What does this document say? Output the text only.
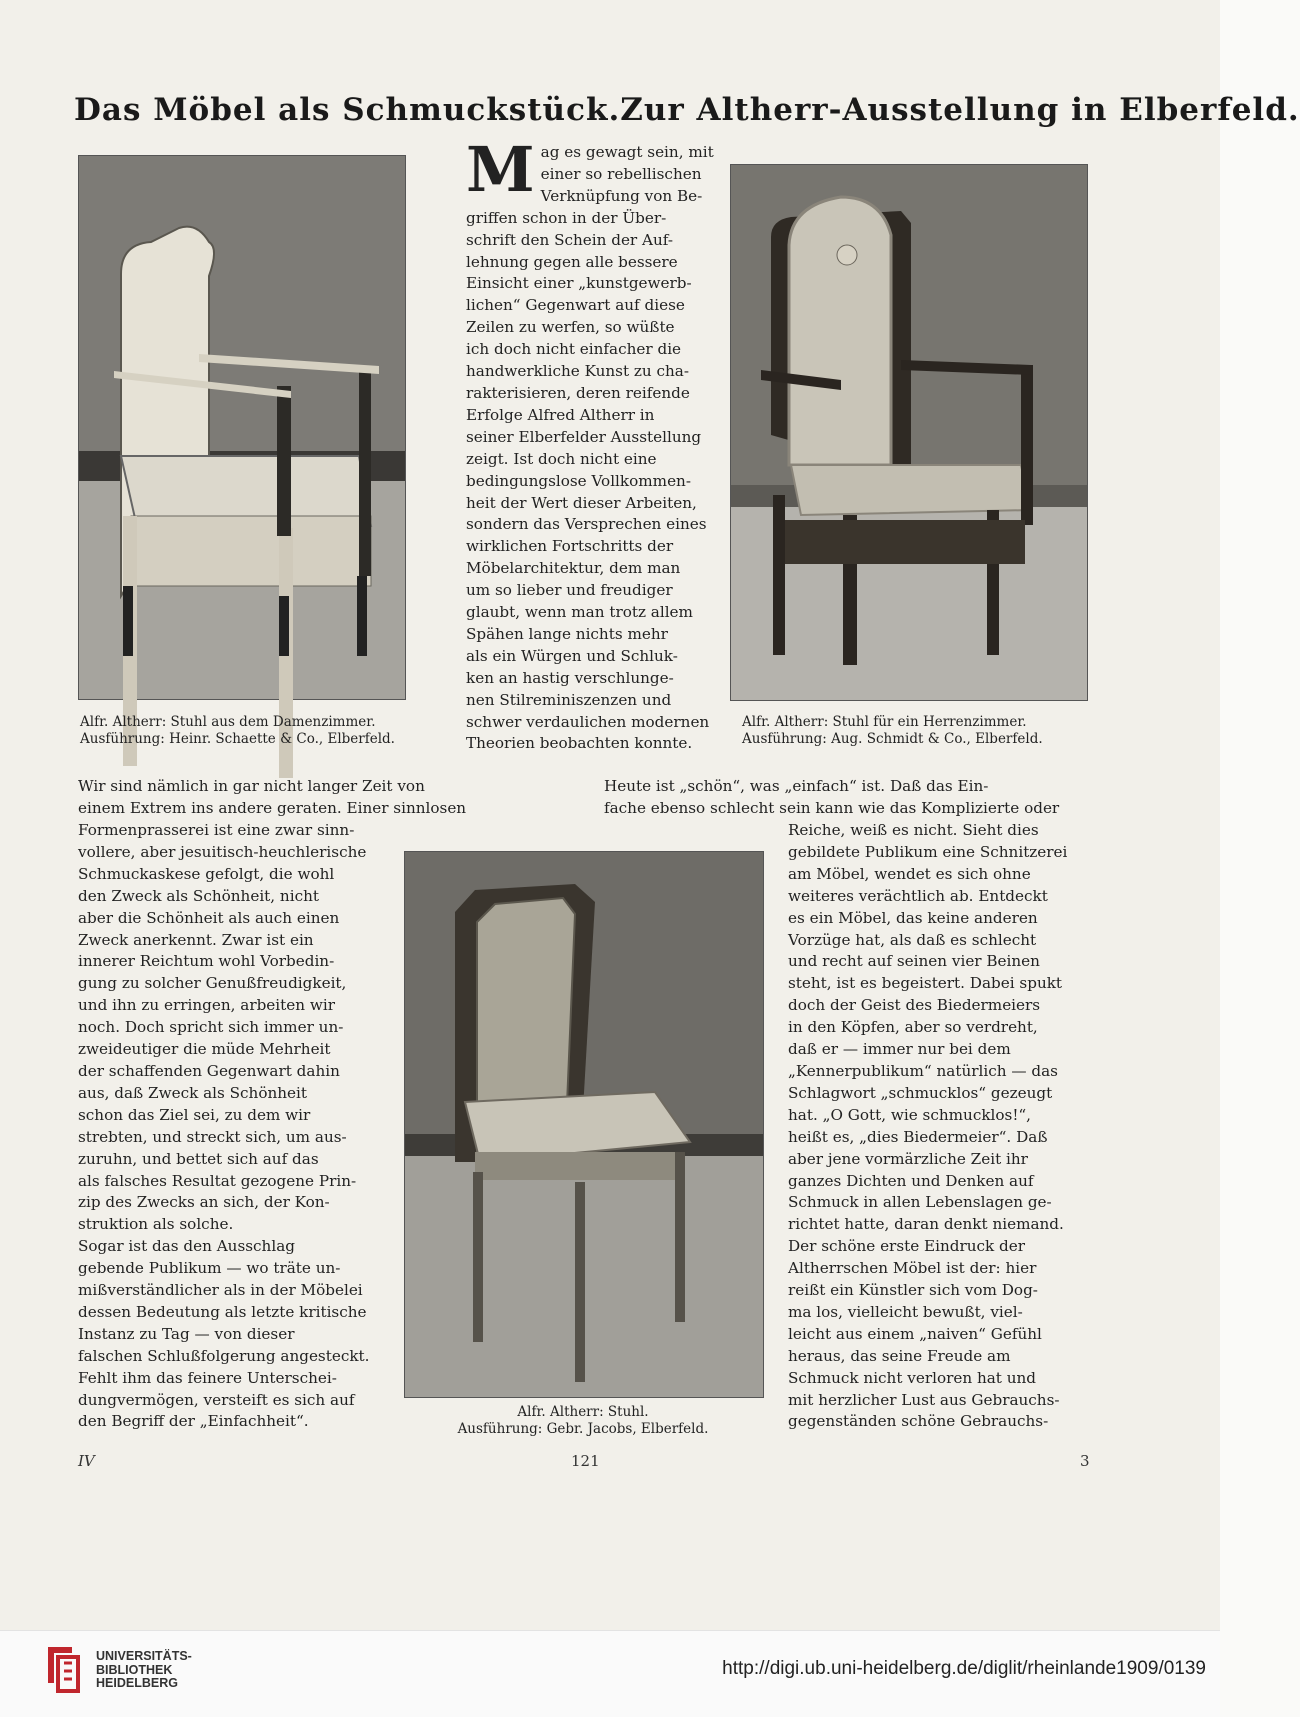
Das Möbel als Schmuckstück. Zur Altherr-Ausstellung in Elberfeld.
Alfr. Altherr: Stuhl aus dem Damenzimmer.
Ausführung: Heinr. Schaette & Co., Elberfeld.
Alfr. Altherr: Stuhl für ein Herrenzimmer.
Ausführung: Aug. Schmidt & Co., Elberfeld.
Alfr. Altherr: Stuhl.
Ausführung: Gebr. Jacobs, Elberfeld.
M ag es gewagt sein, mit
einer so rebellischen
Verknüpfung von Be-
griffen schon in der Über-
schrift den Schein der Auf-
lehnung gegen alle bessere
Einsicht einer „kunstgewerb-
lichen“ Gegenwart auf diese
Zeilen zu werfen, so wüßte
ich doch nicht einfacher die
handwerkliche Kunst zu cha-
rakterisieren, deren reifende
Erfolge Alfred Altherr in
seiner Elberfelder Ausstellung
zeigt. Ist doch nicht eine
bedingungslose Vollkommen-
heit der Wert dieser Arbeiten,
sondern das Versprechen eines
wirklichen Fortschritts der
Möbelarchitektur, dem man
um so lieber und freudiger
glaubt, wenn man trotz allem
Spähen lange nichts mehr
als ein Würgen und Schluk-
ken an hastig verschlunge-
nen Stilreminiszenzen und
schwer verdaulichen modernen
Theorien beobachten konnte.
Wir sind nämlich in gar nicht langer Zeit von
einem Extrem ins andere geraten. Einer sinnlosen
Heute ist „schön“, was „einfach“ ist. Daß das Ein-
fache ebenso schlecht sein kann wie das Komplizierte oder
Formenprasserei ist eine zwar sinn-
vollere, aber jesuitisch-heuchlerische
Schmuckaskese gefolgt, die wohl
den Zweck als Schönheit, nicht
aber die Schönheit als auch einen
Zweck anerkennt. Zwar ist ein
innerer Reichtum wohl Vorbedin-
gung zu solcher Genußfreudigkeit,
und ihn zu erringen, arbeiten wir
noch. Doch spricht sich immer un-
zweideutiger die müde Mehrheit
der schaffenden Gegenwart dahin
aus, daß Zweck als Schönheit
schon das Ziel sei, zu dem wir
strebten, und streckt sich, um aus-
zuruhn, und bettet sich auf das
als falsches Resultat gezogene Prin-
zip des Zwecks an sich, der Kon-
struktion als solche.
Sogar ist das den Ausschlag
gebende Publikum — wo träte un-
mißverständlicher als in der Möbelei
dessen Bedeutung als letzte kritische
Instanz zu Tag — von dieser
falschen Schlußfolgerung angesteckt.
Fehlt ihm das feinere Unterschei-
dungvermögen, versteift es sich auf
den Begriff der „Einfachheit“.
Reiche, weiß es nicht. Sieht dies
gebildete Publikum eine Schnitzerei
am Möbel, wendet es sich ohne
weiteres verächtlich ab. Entdeckt
es ein Möbel, das keine anderen
Vorzüge hat, als daß es schlecht
und recht auf seinen vier Beinen
steht, ist es begeistert. Dabei spukt
doch der Geist des Biedermeiers
in den Köpfen, aber so verdreht,
daß er — immer nur bei dem
„Kennerpublikum“ natürlich — das
Schlagwort „schmucklos“ gezeugt
hat. „O Gott, wie schmucklos!“,
heißt es, „dies Biedermeier“. Daß
aber jene vormärzliche Zeit ihr
ganzes Dichten und Denken auf
Schmuck in allen Lebenslagen ge-
richtet hatte, daran denkt niemand.
Der schöne erste Eindruck der
Altherrschen Möbel ist der: hier
reißt ein Künstler sich vom Dog-
ma los, vielleicht bewußt, viel-
leicht aus einem „naiven“ Gefühl
heraus, das seine Freude am
Schmuck nicht verloren hat und
mit herzlicher Lust aus Gebrauchs-
gegenständen schöne Gebrauchs-
IV	121	3
UNIVERSITÄTS-
BIBLIOTHEK
HEIDELBERG
http://digi.ub.uni-heidelberg.de/diglit/rheinlande1909/0139
